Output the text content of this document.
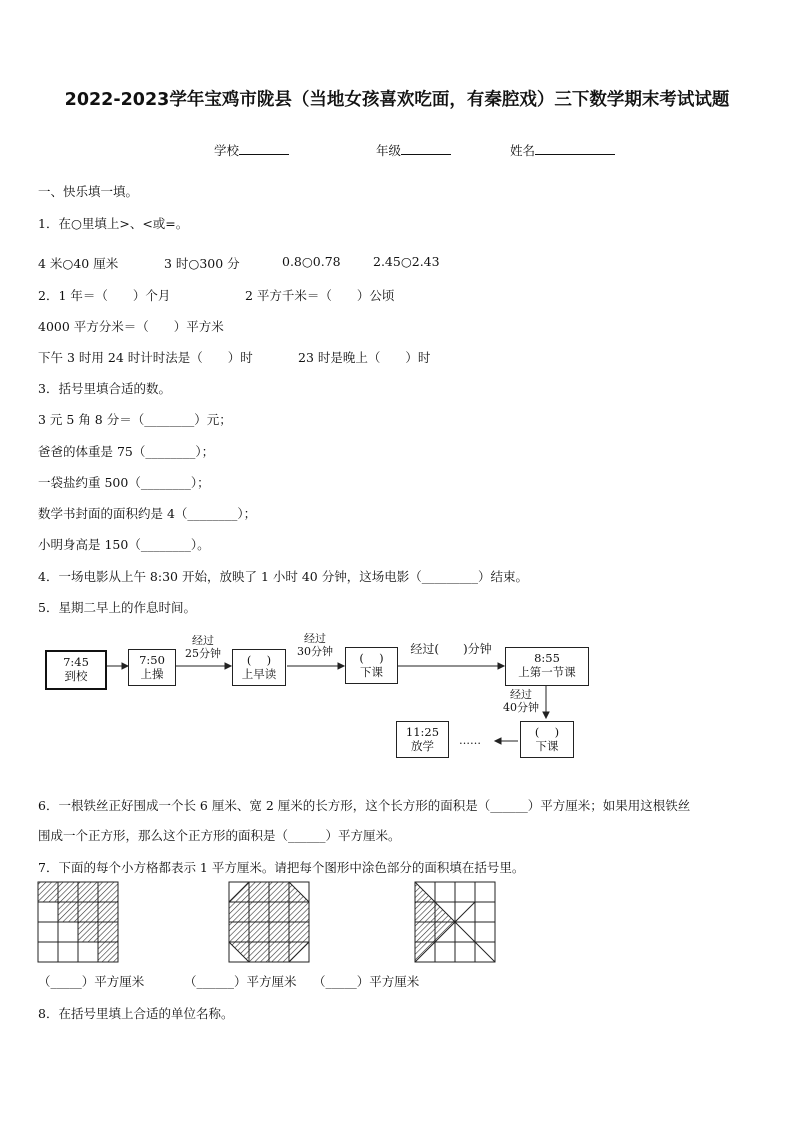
2022-2023学年宝鸡市陇县（当地女孩喜欢吃面，有秦腔戏）三下数学期末考试试题
学校	年级	姓名
一、快乐填一填。
1．在○里填上>、<或=。
4 米○40 厘米	3 时○300 分	0.8○0.78	2.45○2.43
2．1 年＝（　　）个月	2 平方千米＝（　　）公顷
4000 平方分米＝（　　）平方米
下午 3 时用 24 时计时法是（　　）时	23 时是晚上（　　）时
3．括号里填合适的数。
3 元 5 角 8 分＝（________）元；
爸爸的体重是 75（________）；
一袋盐约重 500（________）；
数学书封面的面积约是 4（________）；
小明身高是 150（________）。
4．一场电影从上午 8:30 开始，放映了 1 小时 40 分钟，这场电影（_________）结束。
5．星期二早上的作息时间。
7:45
到校
7:50
上操
(　 )
上早读
(　 )
下课
8:55
上第一节课
(　 )
下课
11:25
放学
经过
25分钟
经过
30分钟	经过(　　)分钟
经过
40分钟
……
6．一根铁丝正好围成一个长 6 厘米、宽 2 厘米的长方形，这个长方形的面积是（______）平方厘米；如果用这根铁丝
围成一个正方形，那么这个正方形的面积是（______）平方厘米。
7．下面的每个小方格都表示 1 平方厘米。请把每个图形中涂色部分的面积填在括号里。
（_____）平方厘米	（______）平方厘米 （_____）平方厘米
8．在括号里填上合适的单位名称。
